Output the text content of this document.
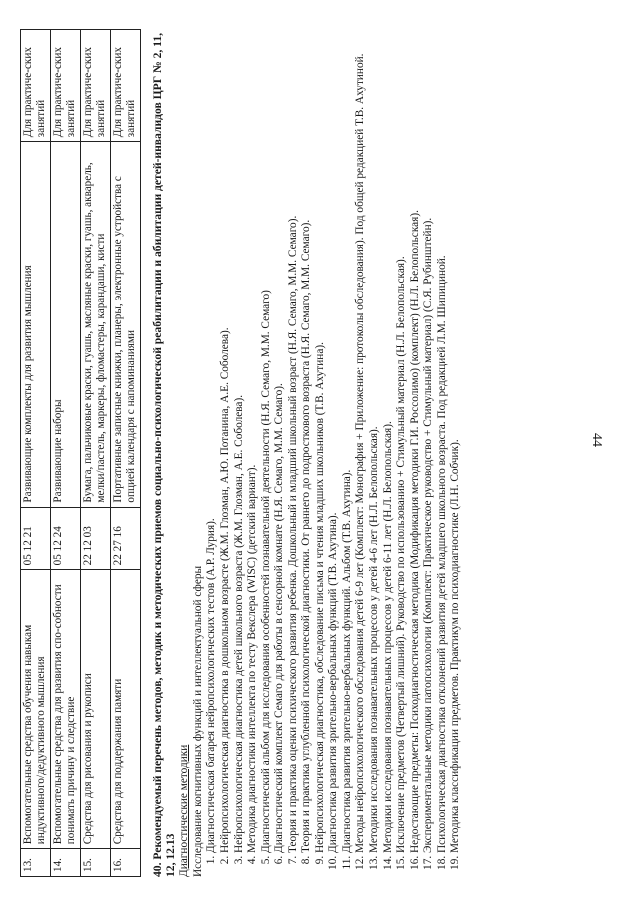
44
13.	Вспомогательные средства обучения навыкам индуктивного/дедуктивного мышления	05 12 21	Развивающие комплекты для развития мышления	Для практиче-ских занятий
14.	Вспомогательные средства для развития спо-собности понимать причину и следствие	05 12 24	Развивающие наборы	Для практиче-ских занятий
15.	Средства для рисования и рукописи	22 12 03	Бумага, пальчиковые краски, гуашь, масляные краски, гуашь, акварель, мелки/пастель, маркеры, фломастеры, карандаши, кисти	Для практиче-ских занятий
16.	Средства для поддержания памяти	22 27 16	Портативные записные книжки, планеры, электронные устройства с опцией календаря с напоминаниями	Для практиче-ских занятий 40. Рекомендуемый перечень методов, методик и методических приемов социально-психологической реабилитации и абилитации детей-инвалидов ЦРГ № 2, 11, 12, 12.13 Диагностические методики Исследование когнитивных функций и интеллектуальной сферы 1. Диагностическая батарея нейропсихологических тестов (А.Р. Лурия). 2. Нейропсихологическая диагностика в дошкольном возрасте (Ж.М. Глозман, А.Ю. Потанина, А.Е. Соболева). 3. Нейропсихологическая диагностика детей школьного возраста (Ж.М. Глозман, А.Е. Соболева). 4. Методика диагностики интеллекта по тесту Векслера (WISC) (детский вариант). 5. Диагностический альбом для исследования особенностей познавательной деятельности (Н.Я. Семаго, М.М. Семаго) 6. Диагностический комплект Семаго для работы в сенсорной комнате (Н.Я. Семаго, М.М. Семаго). 7. Теория и практика оценки психического развития ребенка. Дошкольный и младший школьный возраст (Н.Я. Семаго, М.М. Семаго). 8. Теория и практика углубленной психологической диагностики. От раннего до подросткового возраста (Н.Я. Семаго, М.М. Семаго). 9. Нейропсихологическая диагностика, обследование письма и чтения младших школьников (Т.В. Ахутина). 10. Диагностика развития зрительно-вербальных функций (Т.В. Ахутина). 11. Диагностика развития зрительно-вербальных функций. Альбом (Т.В. Ахутина). 12. Методы нейропсихологического обследования детей 6-9 лет (Комплект: Монография + Приложение: протоколы обследования). Под общей редакцией Т.В. Ахутиной. 13. Методики исследования познавательных процессов у детей 4-6 лет (Н.Л. Белопольская). 14. Методики исследования познавательных процессов у детей 6-11 лет (Н.Л. Белопольская). 15. Исключение предметов (Четвертый лишний). Руководство по использованию + Стимульный материал (Н.Л. Белопольская). 16. Недостающие предметы: Психодиагностическая методика (Модификация методики Г.И. Россолимо) (комплект) (Н.Л. Белопольская). 17. Экспериментальные методики патопсихологии (Комплект: Практическое руководство + Стимульный материал) (С.Я. Рубинштейн). 18. Психологическая диагностика отклонений развития детей младшего школьного возраста. Под редакцией Л.М. Шипициной. 19. Методика классификации предметов. Практикум по психодиагностике (Л.Н. Собчик).
